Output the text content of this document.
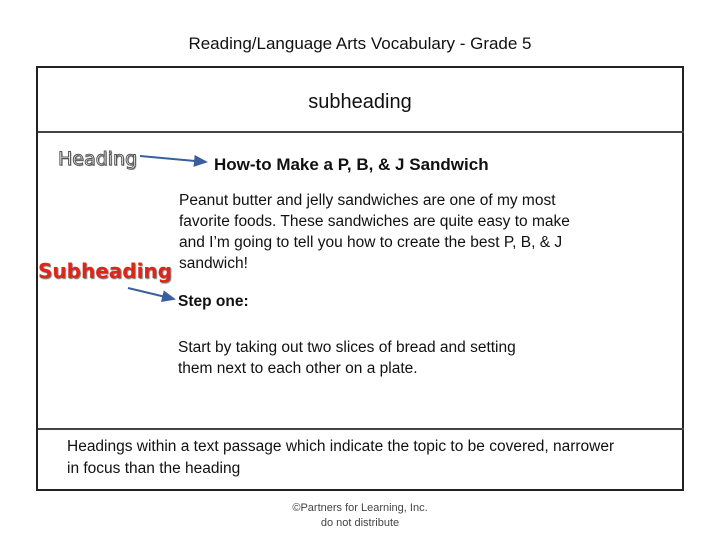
Reading/Language Arts Vocabulary - Grade 5
subheading
Heading
Subheading
How-to Make a P, B, & J Sandwich
Peanut butter and jelly sandwiches are one of my most
favorite foods. These sandwiches are quite easy to make
and I’m going to tell you how to create the best P, B, & J
sandwich!
Step one:
Start by taking out two slices of bread and setting
them next to each other on a plate.
Headings within a text passage which indicate the topic to be covered, narrower
in focus than the heading
©Partners for Learning, Inc.
do not distribute
